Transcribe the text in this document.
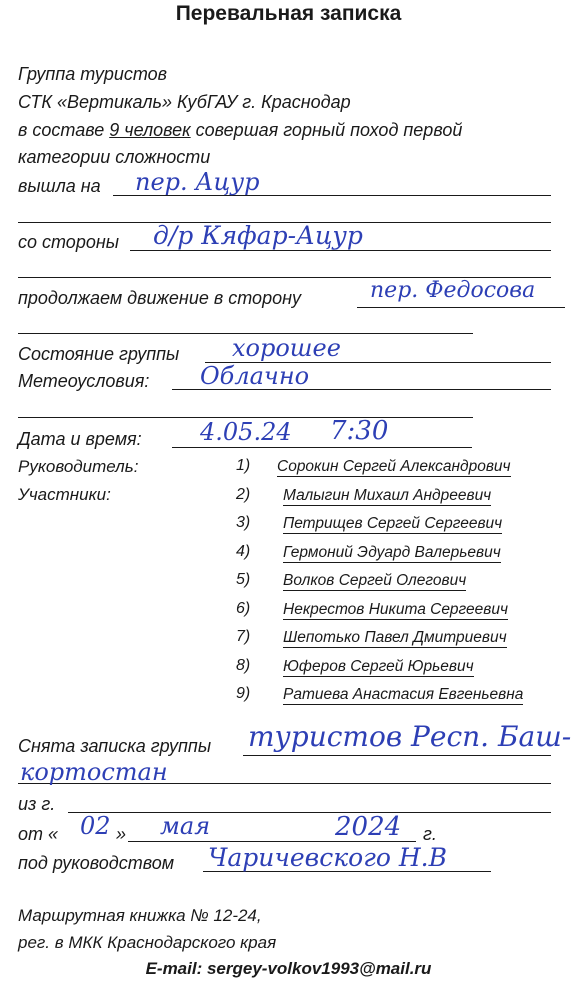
Перевальная записка
Группа туристов
СТК «Вертикаль» КубГАУ г. Краснодар
в составе 9 человек совершая горный поход первой
категории сложности
вышла на пер. Ацур
со стороны д/р Кяфар-Ацур
продолжаем движение в сторону	пер. Федосова
Состояние группы хорошее
Метеоусловия: Облачно
Дата и время: 4.05.24 7:30
Руководитель:
Участники:
1) Сорокин Сергей Александрович
2) Малыгин Михаил Андреевич
3) Петрищев Сергей Сергеевич
4) Гермоний Эдуард Валерьевич
5) Волков Сергей Олегович
6) Некрестов Никита Сергеевич
7) Шепотько Павел Дмитриевич
8) Юферов Сергей Юрьевич
9) Ратиева Анастасия Евгеньевна
Снята записка группы туристов Респ. Баш-
кортостан
из г.
от « 02 » мая	2024 г.
под руководством Чаричевского Н.В
Маршрутная книжка № 12-24,
рег. в МКК Краснодарского края
E-mail: sergey-volkov1993@mail.ru
